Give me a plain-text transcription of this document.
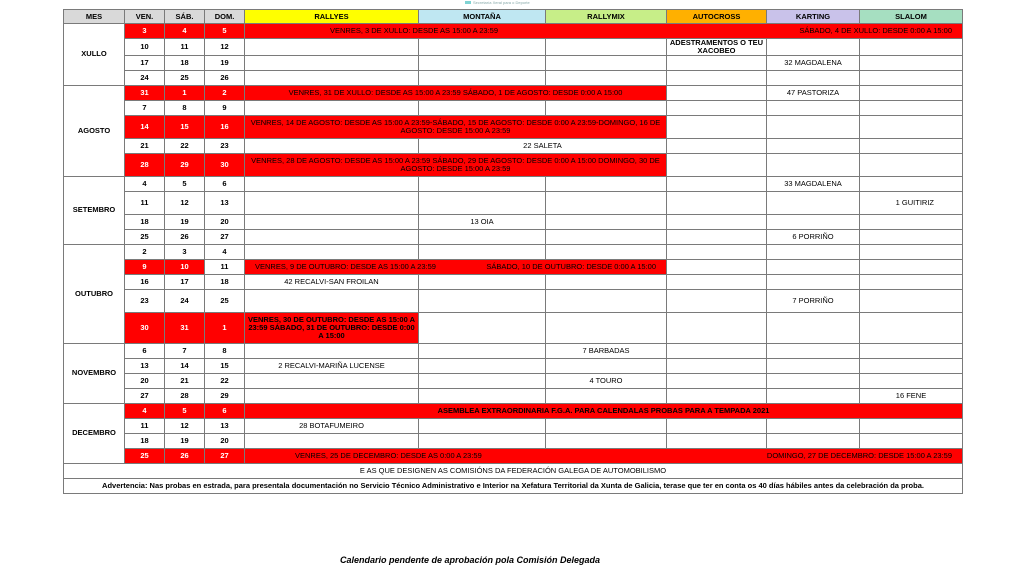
Secretaría Xeral para o Deporte
MES	VEN.	SÁB.	DOM.	RALLYES	MONTAÑA	RALLYMIX	AUTOCROSS	KARTING	SLALOM
XULLO	3	4	5	VENRES, 3 DE XULLO: DESDE AS 15:00 A 23:59 SÁBADO, 4 DE XULLO: DESDE 0:00 A 15:00					

	10	11	12				ADESTRAMENTOS O TEU XACOBEO		
	17	18	19					32 MAGDALENA	
	24	25	26						
AGOSTO	31	1	2	VENRES, 31 DE XULLO: DESDE AS 15:00 A 23:59 SÁBADO, 1 DE AGOSTO: DESDE 0:00 A 15:00				47 PASTORIZA	
	7	8	9						
	14	15	16	VENRES, 14 DE AGOSTO: DESDE AS 15:00 A 23:59-SÁBADO, 15 DE AGOSTO: DESDE 0:00 A 23:59-DOMINGO, 16 DE AGOSTO: DESDE 15:00 A 23:59					
	21	22	23		22 SALETA				
	28	29	30	VENRES, 28 DE AGOSTO: DESDE AS 15:00 A 23:59 SÁBADO, 29 DE AGOSTO: DESDE 0:00 A 15:00 DOMINGO, 30 DE AGOSTO: DESDE 15:00 A 23:59					
SETEMBRO	4	5	6					33 MAGDALENA	
	11	12	13						1 GUITIRIZ
	18	19	20		13 OIA				
	25	26	27					6 PORRIÑO	
OUTUBRO	2	3	4						
	9	10	11	VENRES, 9 DE OUTUBRO: DESDE AS 15:00 A 23:59 SÁBADO, 10 DE OUTUBRO: DESDE 0:00 A 15:00					

	16	17	18	42 RECALVI-SAN FROILAN					
	23	24	25					7 PORRIÑO	
	30	31	1	VENRES, 30 DE OUTUBRO: DESDE AS 15:00 A 23:59 SÁBADO, 31 DE OUTUBRO: DESDE 0:00 A 15:00					
NOVEMBRO	6	7	8			7 BARBADAS			
	13	14	15	2 RECALVI-MARIÑA LUCENSE					
	20	21	22			4 TOURO			
	27	28	29						16 FENE
DECEMBRO	4	5	6	ASEMBLEA EXTRAORDINARIA F.G.A. PARA CALENDALAS PROBAS PARA A TEMPADA 2021					
	11	12	13	28 BOTAFUMEIRO					
	18	19	20						
	25	26	27	VENRES, 25 DE DECEMBRO: DESDE AS 0:00 A 23:59 DOMINGO, 27 DE DECEMBRO: DESDE 15:00 A 23:59					

E AS QUE DESIGNEN AS COMISIÓNS DA FEDERACIÓN GALEGA DE AUTOMOBILISMO									
Advertencia: Nas probas en estrada, para presentala documentación no Servicio Técnico Administrativo e Interior na Xefatura Territorial da Xunta de Galicia, terase que ter en conta os 40 días hábiles antes da celebración da proba.									
Calendario pendente de aprobación pola Comisión Delegada
